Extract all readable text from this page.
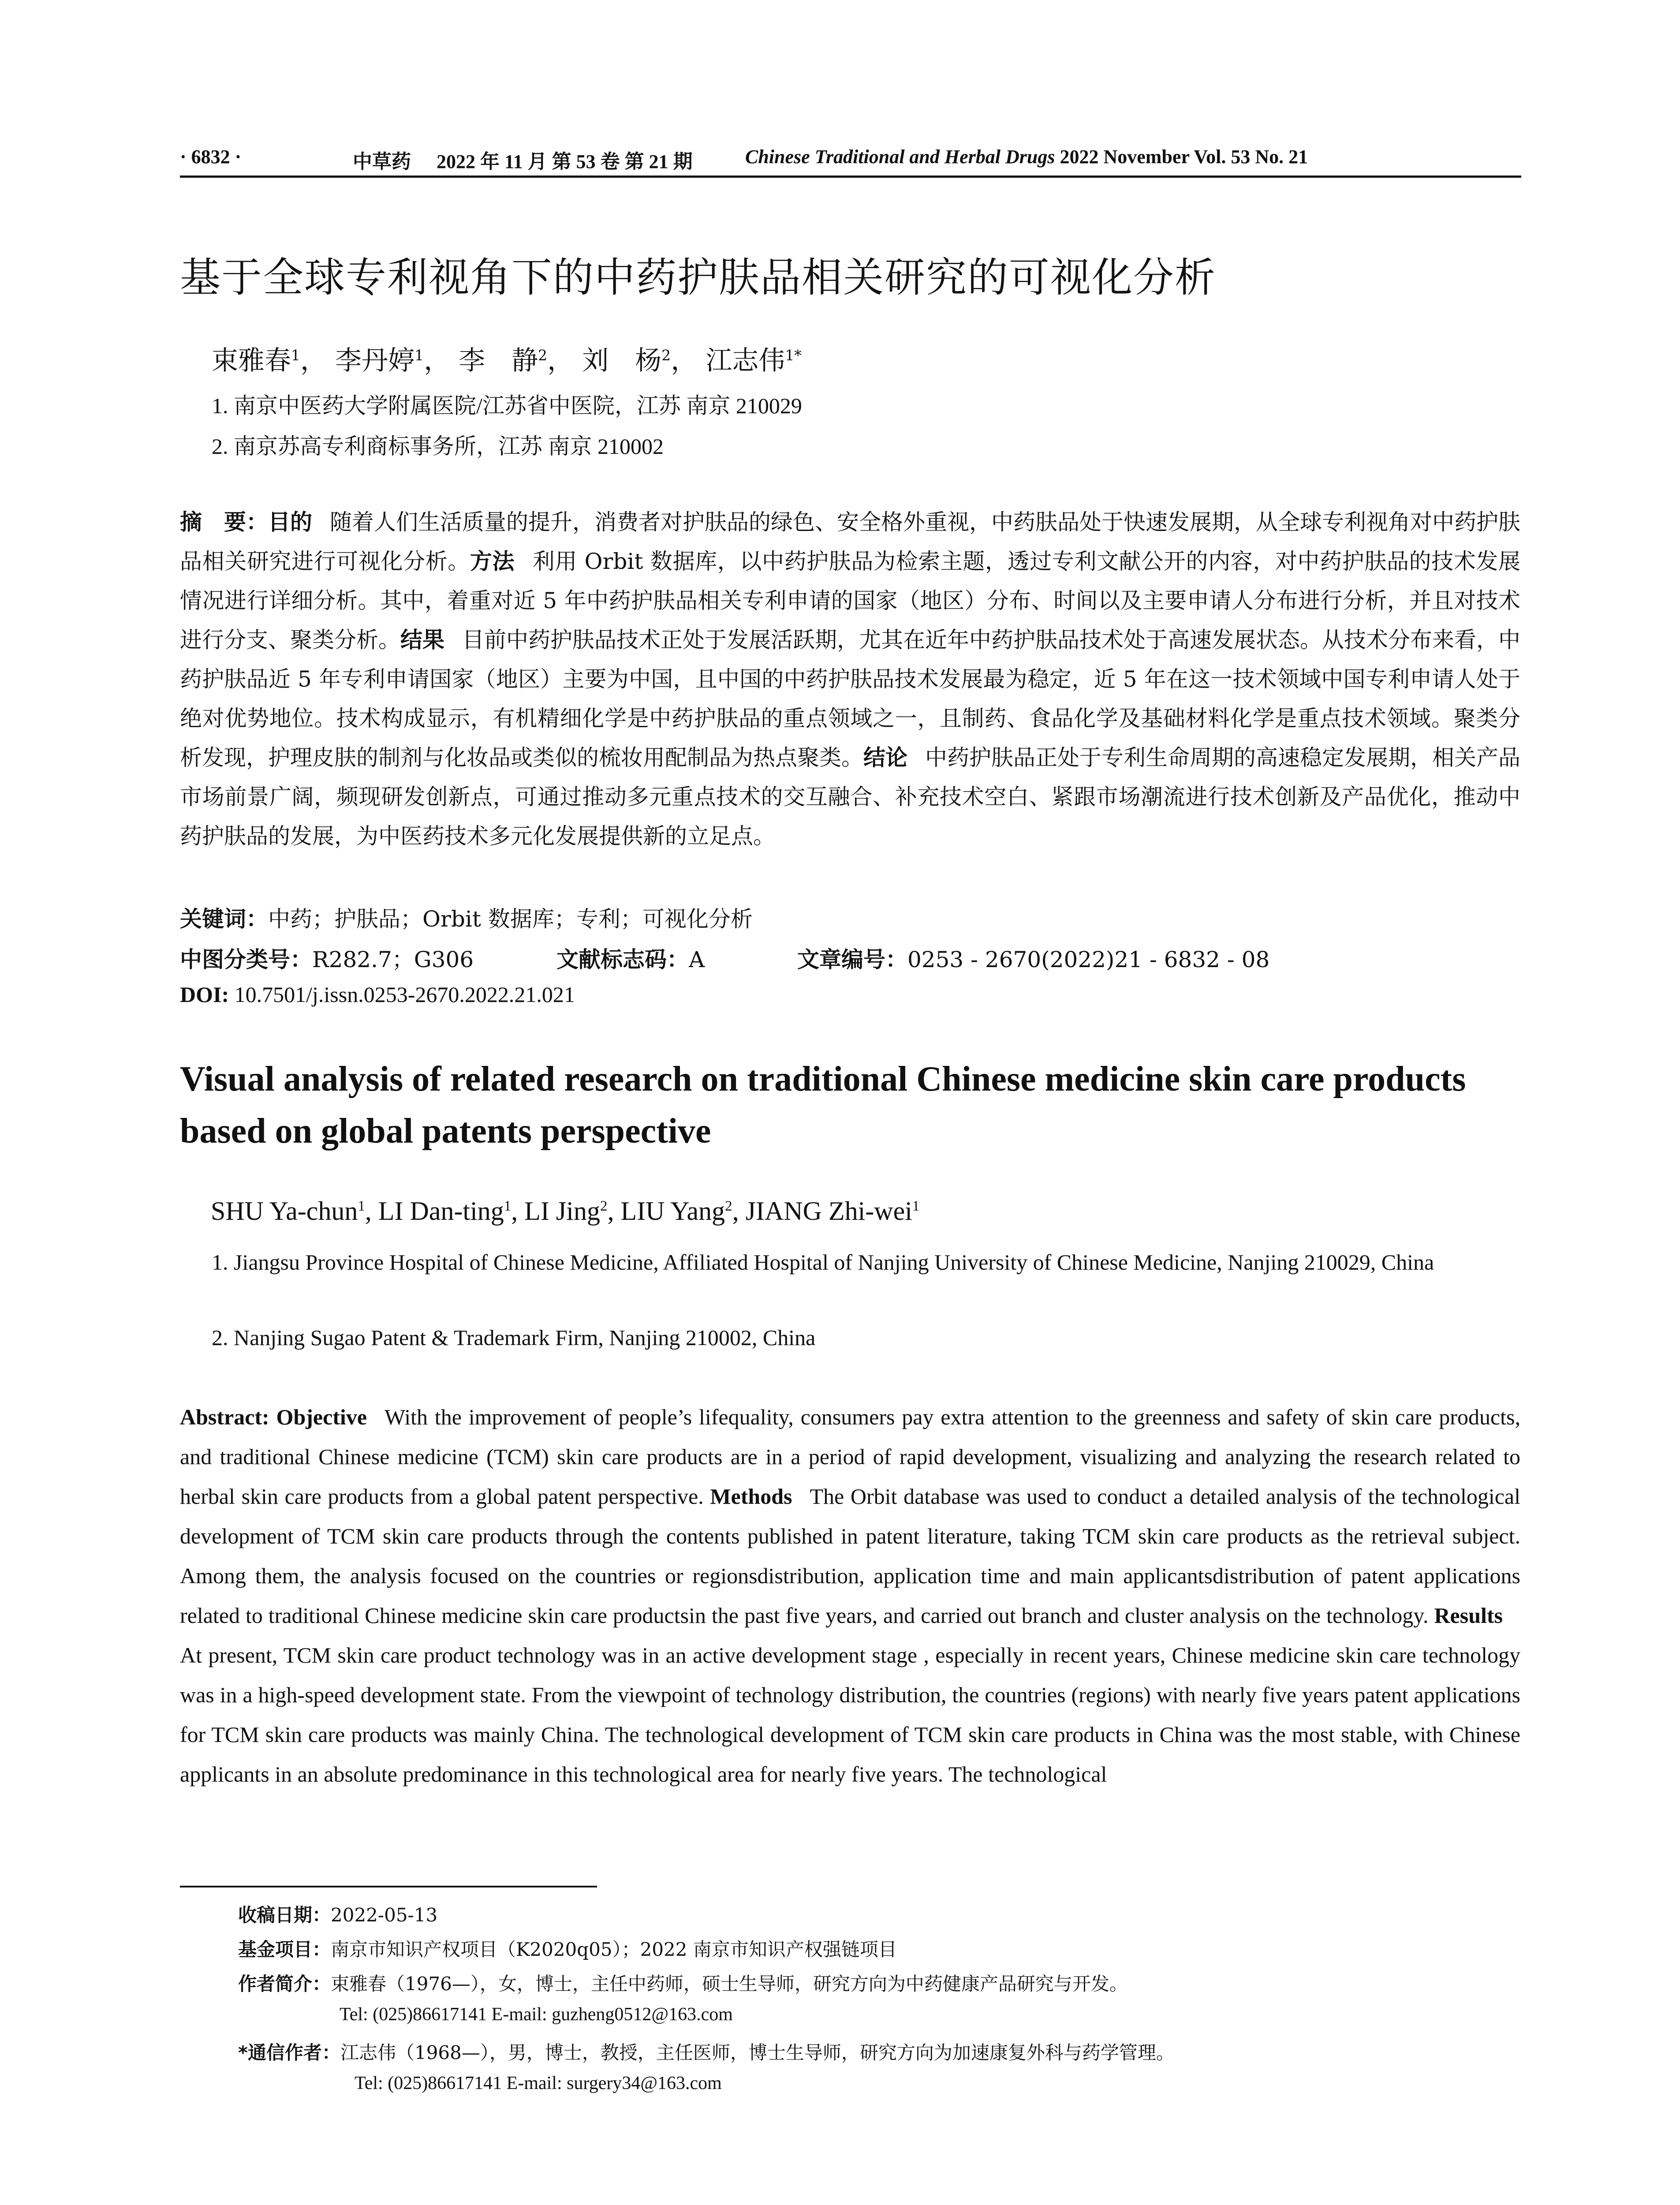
· 6832 ·	中草药 2022 年 11 月 第 53 卷 第 21 期	Chinese Traditional and Herbal Drugs 2022 November Vol. 53 No. 21
基于全球专利视角下的中药护肤品相关研究的可视化分析
束雅春$^1$， 李丹婷$^1$， 李　静$^2$， 刘　杨$^2$， 江志伟$^{1*}$
1. 南京中医药大学附属医院/江苏省中医院，江苏 南京 210029
2. 南京苏高专利商标事务所，江苏 南京 210002
摘　要：目的 随着人们生活质量的提升，消费者对护肤品的绿色、安全格外重视，中药肤品处于快速发展期，从全球专利视角对中药护肤品相关研究进行可视化分析。方法 利用 Orbit 数据库，以中药护肤品为检索主题，透过专利文献公开的内容，对中药护肤品的技术发展情况进行详细分析。其中，着重对近 5 年中药护肤品相关专利申请的国家（地区）分布、时间以及主要申请人分布进行分析，并且对技术进行分支、聚类分析。结果 目前中药护肤品技术正处于发展活跃期，尤其在近年中药护肤品技术处于高速发展状态。从技术分布来看，中药护肤品近 5 年专利申请国家（地区）主要为中国，且中国的中药护肤品技术发展最为稳定，近 5 年在这一技术领域中国专利申请人处于绝对优势地位。技术构成显示，有机精细化学是中药护肤品的重点领域之一，且制药、食品化学及基础材料化学是重点技术领域。聚类分析发现，护理皮肤的制剂与化妆品或类似的梳妆用配制品为热点聚类。结论 中药护肤品正处于专利生命周期的高速稳定发展期，相关产品市场前景广阔，频现研发创新点，可通过推动多元重点技术的交互融合、补充技术空白、紧跟市场潮流进行技术创新及产品优化，推动中药护肤品的发展，为中医药技术多元化发展提供新的立足点。
关键词：中药；护肤品；Orbit 数据库；专利；可视化分析
中图分类号：R282.7；G306	文献标志码：A	文章编号：0253 - 2670(2022)21 - 6832 - 08
DOI: 10.7501/j.issn.0253-2670.2022.21.021
Visual analysis of related research on traditional Chinese medicine skin care products based on global patents perspective
SHU Ya-chun$^1$, LI Dan-ting$^1$, LI Jing$^2$, LIU Yang$^2$, JIANG Zhi-wei$^1$
1. Jiangsu Province Hospital of Chinese Medicine, Affiliated Hospital of Nanjing University of Chinese Medicine, Nanjing 210029, China
2. Nanjing Sugao Patent & Trademark Firm, Nanjing 210002, China
Abstract: Objective With the improvement of people’s lifequality, consumers pay extra attention to the greenness and safety of skin care products, and traditional Chinese medicine (TCM) skin care products are in a period of rapid development, visualizing and analyzing the research related to herbal skin care products from a global patent perspective. Methods The Orbit database was used to conduct a detailed analysis of the technological development of TCM skin care products through the contents published in patent literature, taking TCM skin care products as the retrieval subject. Among them, the analysis focused on the countries or regionsdistribution, application time and main applicantsdistribution of patent applications related to traditional Chinese medicine skin care productsin the past five years, and carried out branch and cluster analysis on the technology. ResultsAt present, TCM skin care product technology was in an active development stage , especially in recent years, Chinese medicine skin care technology was in a high-speed development state. From the viewpoint of technology distribution, the countries (regions) with nearly five years patent applications for TCM skin care products was mainly China. The technological development of TCM skin care products in China was the most stable, with Chinese applicants in an absolute predominance in this technological area for nearly five years. The technological
收稿日期：2022-05-13
基金项目：南京市知识产权项目（K2020q05）；2022 南京市知识产权强链项目
作者简介：束雅春（1976—），女，博士，主任中药师，硕士生导师，研究方向为中药健康产品研究与开发。
Tel: (025)86617141 E-mail: guzheng0512@163.com
*通信作者：江志伟（1968—），男，博士，教授，主任医师，博士生导师，研究方向为加速康复外科与药学管理。
Tel: (025)86617141 E-mail: surgery34@163.com
